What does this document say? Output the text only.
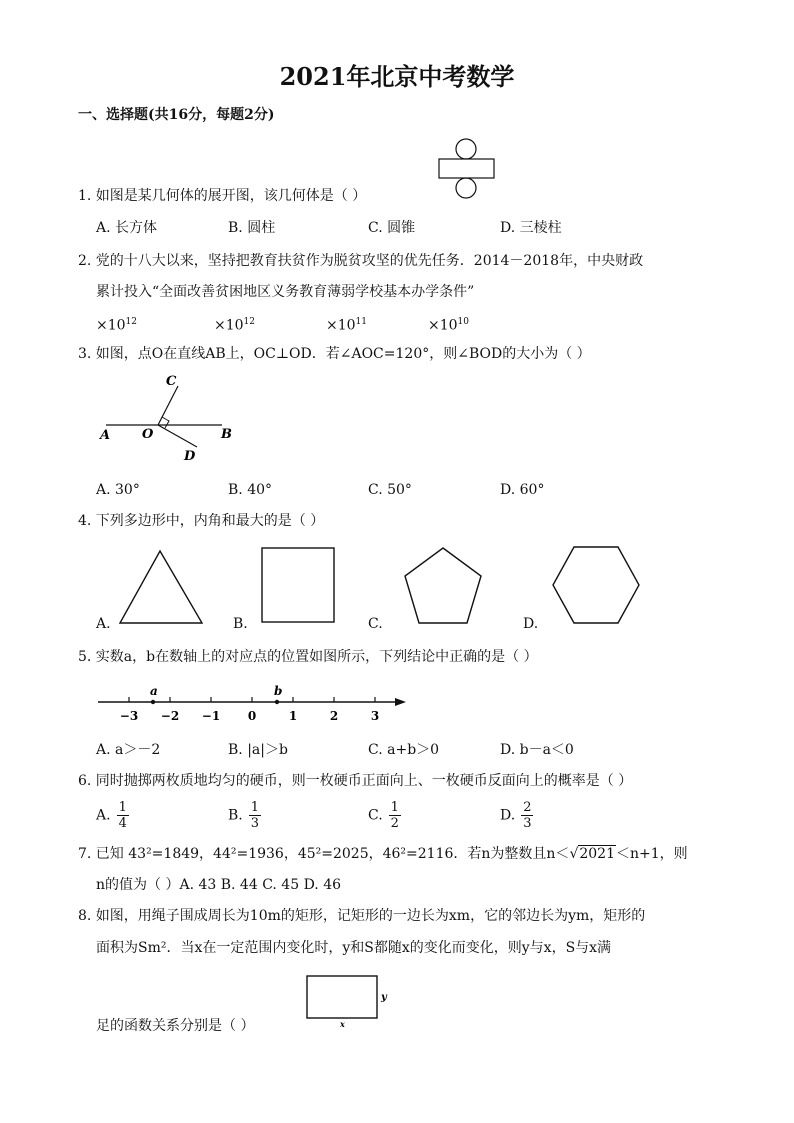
2021年北京中考数学
一、选择题(共16分，每题2分)
1. 如图是某几何体的展开图，该几何体是（ ）
A. 长方体	B. 圆柱	C. 圆锥	D. 三棱柱
2. 党的十八大以来，坚持把教育扶贫作为脱贫攻坚的优先任务．2014－2018年，中央财政
累计投入“全面改善贫困地区义务教育薄弱学校基本办学条件”
$\times 10^{12}$	$\times 10^{12}$	$\times 10^{11}$	$\times 10^{10}$
3. 如图，点O在直线AB上，OC⊥OD．若∠AOC=120°，则∠BOD的大小为（ ）
A O	B
C
D
A. 30°	B. 40°	C. 50°	D. 60°
4. 下列多边形中，内角和最大的是（ ）
A.	B.	C.	D.
5. 实数a，b在数轴上的对应点的位置如图所示，下列结论中正确的是（ ）
−3 −2 −1 0	1	2	3
a	b
A. a＞－2	B. |a|＞b	C. a+b＞0	D. b－a＜0
6. 同时抛掷两枚质地均匀的硬币，则一枚硬币正面向上、一枚硬币反面向上的概率是（ ）
A. $\frac{1}{4}$	B. $\frac{1}{3}$	C. $\frac{1}{2}$	D. $\frac{2}{3}$
7. 已知 43²=1849，44²=1936，45²=2025，46²=2116．若n为整数且n＜√2021＜n+1，则
n的值为（ ）A. 43 B. 44 C. 45 D. 46
8. 如图，用绳子围成周长为10m的矩形，记矩形的一边长为xm，它的邻边长为ym，矩形的
面积为Sm²．当x在一定范围内变化时，y和S都随x的变化而变化，则y与x，S与x满
y
x
足的函数关系分别是（ ）
